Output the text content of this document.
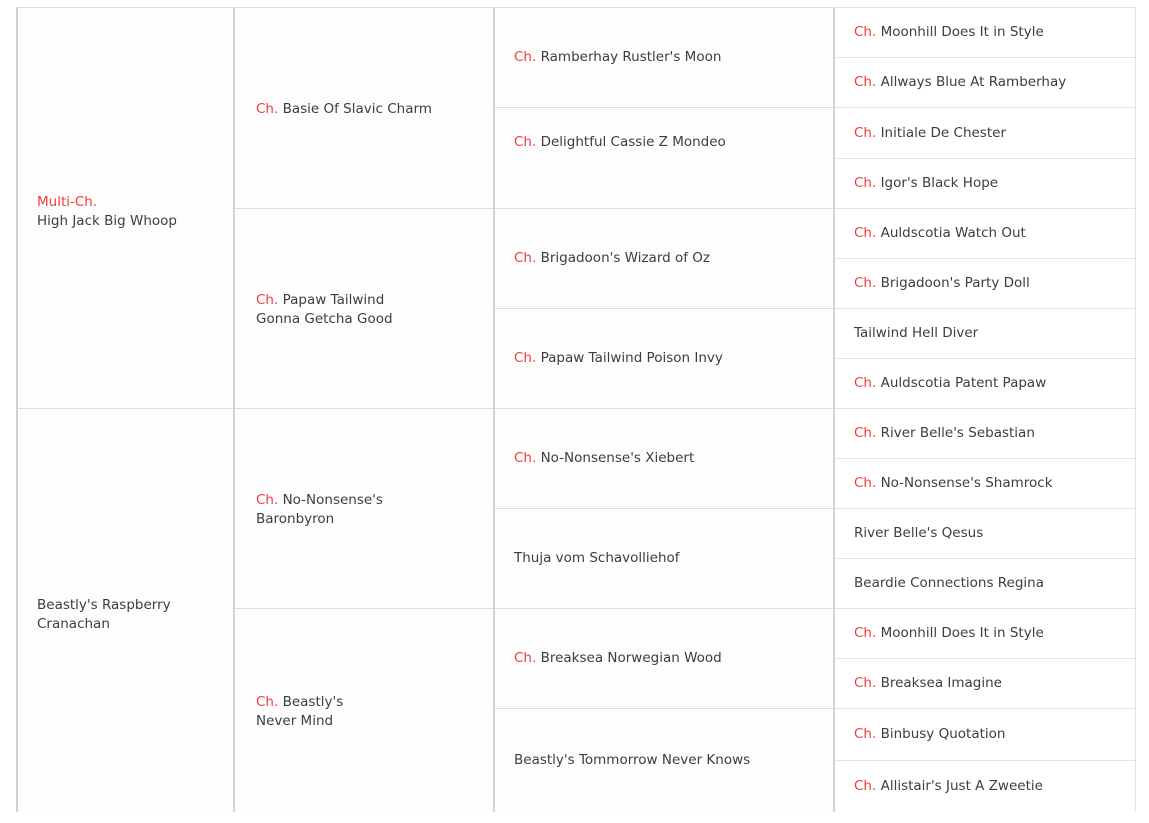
Multi-Ch.
High Jack Big Whoop
Beastly's Raspberry Cranachan
Ch. Basie Of Slavic Charm
Ch. Papaw Tailwind Gonna Getcha Good
Ch. No-Nonsense's Baronbyron
Ch. Beastly's Never Mind
Ch. Ramberhay Rustler's Moon
Ch. Delightful Cassie Z Mondeo
Ch. Brigadoon's Wizard of Oz
Ch. Papaw Tailwind Poison Invy
Ch. No-Nonsense's Xiebert
Thuja vom Schavolliehof
Ch. Breaksea Norwegian Wood
Beastly's Tommorrow Never Knows
Ch. Moonhill Does It in Style
Ch. Allways Blue At Ramberhay
Ch. Initiale De Chester
Ch. Igor's Black Hope
Ch. Auldscotia Watch Out
Ch. Brigadoon's Party Doll
Tailwind Hell Diver
Ch. Auldscotia Patent Papaw
Ch. River Belle's Sebastian
Ch. No-Nonsense's Shamrock
River Belle's Qesus
Beardie Connections Regina
Ch. Moonhill Does It in Style
Ch. Breaksea Imagine
Ch. Binbusy Quotation
Ch. Allistair's Just A Zweetie
